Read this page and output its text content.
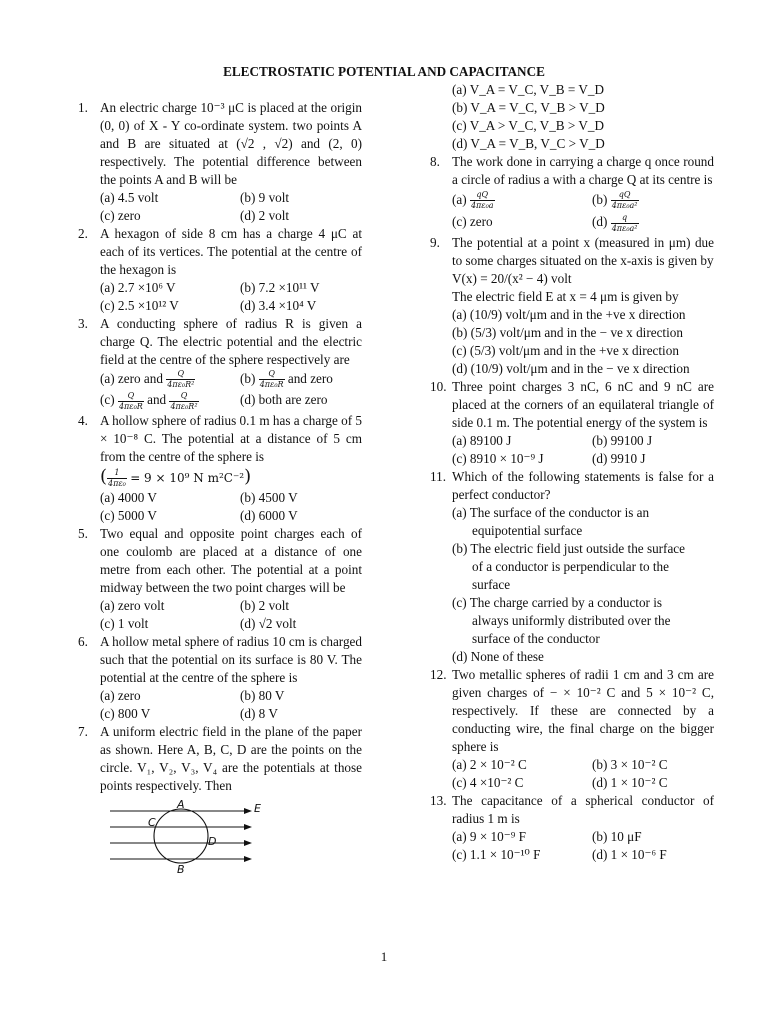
ELECTROSTATIC POTENTIAL AND CAPACITANCE
1. An electric charge 10⁻³ μC is placed at the origin (0, 0) of X - Y co-ordinate system. two points A and B are situated at (√2 , √2) and (2, 0) respectively. The potential difference between the points A and B will be
(a) 4.5 volt	(b) 9 volt
(c) zero	(d) 2 volt
2. A hexagon of side 8 cm has a charge 4 μC at each of its vertices. The potential at the centre of the hexagon is
(a) 2.7 ×10⁶ V	(b) 7.2 ×10¹¹ V
(c) 2.5 ×10¹² V	(d) 3.4 ×10⁴ V
3. A conducting sphere of radius R is given a charge Q. The electric potential and the electric field at the centre of the sphere respectively are
(a) zero and $\frac{Q}{\text{4πε₀R²}}$	$(b) \frac{Q}{\text{4πε₀R}}$ and zero
$(c) \frac{Q}{\text{4πε₀R}}$ and $\frac{Q}{\text{4πε₀R²}}$	(d) both are zero
4. A hollow sphere of radius 0.1 m has a charge of 5 × 10⁻⁸ C. The potential at a distance of 5 cm from the centre of the sphere is
( $\frac{1}{\text{4πε₀}} = 9 \times 10^9$ N m²C⁻²)
(a) 4000 V	(b) 4500 V
(c) 5000 V	(d) 6000 V
5. Two equal and opposite point charges each of one coulomb are placed at a distance of one metre from each other. The potential at a point midway between the two point charges will be
(a) zero volt	(b) 2 volt
(c) 1 volt	(d) √2 volt
6. A hollow metal sphere of radius 10 cm is charged such that the potential on its surface is 80 V. The potential at the centre of the sphere is
(a) zero	(b) 80 V
(c) 800 V	(d) 8 V
7. A uniform electric field in the plane of the paper as shown. Here A, B, C, D are the points on the circle. V₁, V₂, V₃, V₄ are the potentials at those points respectively. Then
A
B
C
D
E
(a) V_A = V_C, V_B = V_D
(b) V_A = V_C, V_B > V_D
(c) V_A > V_C, V_B > V_D
(d) V_A = V_B, V_C > V_D
8. The work done in carrying a charge q once round a circle of radius a with a charge Q at its centre is
$(a) \frac{qQ}{\text{4πε₀a}}$	$(b) \frac{qQ}{\text{4πε₀a²}}$
(c) zero	$(d) \frac{q}{\text{4πε₀a²}}$
9. The potential at a point x (measured in μm) due to some charges situated on the x-axis is given by
V(x) = 20/(x² − 4) volt
The electric field E at x = 4 μm is given by
(a) (10/9) volt/μm and in the +ve x direction
(b) (5/3) volt/μm and in the − ve x direction
(c) (5/3) volt/μm and in the +ve x direction
(d) (10/9) volt/μm and in the − ve x direction
10. Three point charges 3 nC, 6 nC and 9 nC are placed at the corners of an equilateral triangle of side 0.1 m. The potential energy of the system is
(a) 89100 J	(b) 99100 J
(c) 8910 × 10⁻⁹ J	(d) 9910 J
11. Which of the following statements is false for a perfect conductor?
(a) The surface of the conductor is an
equipotential surface
(b) The electric field just outside the surface
of a conductor is perpendicular to the
surface
(c) The charge carried by a conductor is
always uniformly distributed over the
surface of the conductor
(d) None of these
12. Two metallic spheres of radii 1 cm and 3 cm are given charges of − × 10⁻² C and 5 × 10⁻² C, respectively. If these are connected by a conducting wire, the final charge on the bigger sphere is
(a) 2 × 10⁻² C	(b) 3 × 10⁻² C
(c) 4 ×10⁻² C	(d) 1 × 10⁻² C
13. The capacitance of a spherical conductor of radius 1 m is
(a) 9 × 10⁻⁹ F	(b) 10 μF
(c) 1.1 × 10⁻¹⁰ F	(d) 1 × 10⁻⁶ F
1
